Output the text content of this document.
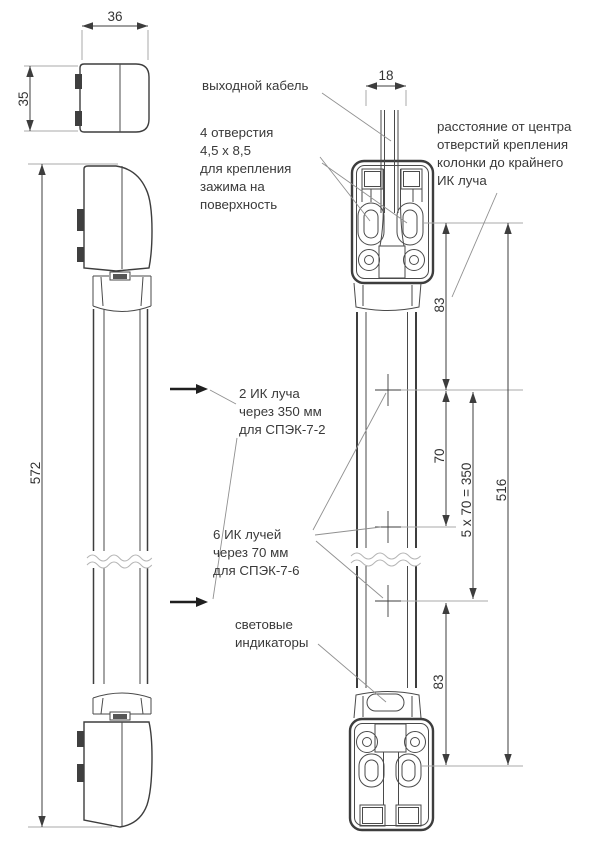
36
35
572
18
83
70
5 x 70 = 350 516
83
выходной кабель
4 отверстия
4,5 x 8,5
для крепления
зажима на
поверхность
расстояние от центра
отверстий крепления
колонки до крайнего
ИК луча
2 ИК луча
через 350 мм
для СПЭК-7-2
6 ИК лучей
через 70 мм
для СПЭК-7-6
световые
индикаторы
